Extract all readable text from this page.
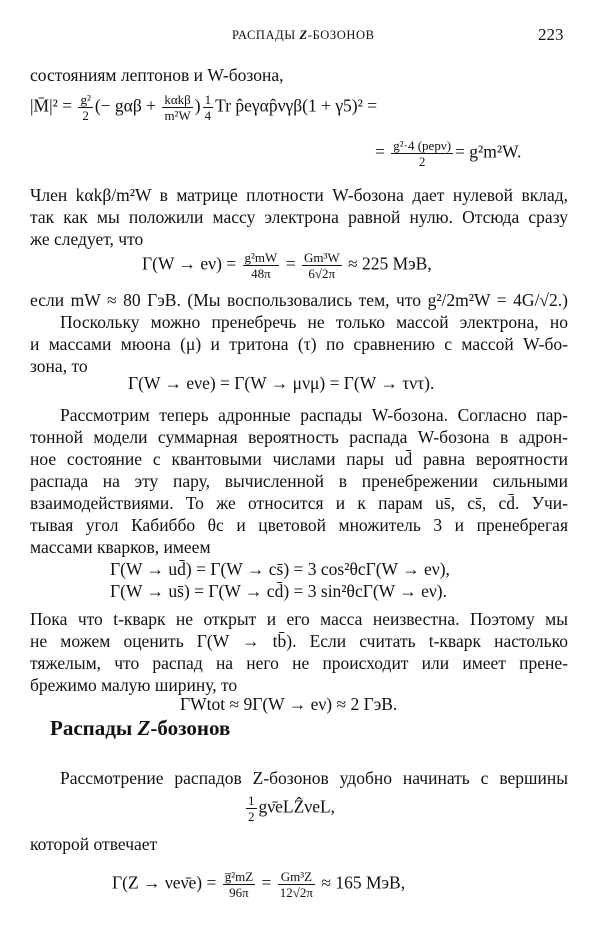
РАСПАДЫ Z-БОЗОНОВ	223
состояниям лептонов и W-бозона,
|M̄|² = $\frac{\text{g²}}{2}$ (− $g\alpha\beta + \frac{\text{kαkβ}}{\text{m²W}}$ ) $\frac{1}{4}$ Tr p̂eγαp̂νγβ(1 + γ5)² =
= $\frac{\text{g²·4 (pepν)}}{2} = g^2m^2W$.
Член kαkβ/m²W в матрице плотности W-бозона дает нулевой вклад,
так как мы положили массу электрона равной нулю. Отсюда сразу
же следует, что
$\Gamma(W \to e\nu) = \frac{\text{g²mW}}{48\pi} = \frac{\text{Gm³W}}{6√2\pi} \approx 225$ МэВ,
если mW ≈ 80 ГэВ. (Мы воспользовались тем, что g²/2m²W = 4G/√2.)
Поскольку можно пренебречь не только массой электрона, но
и массами мюона (μ) и тритона (τ) по сравнению с массой W-бо-
зона, то
Γ(W → eνe) = Γ(W → μνμ) = Γ(W → τντ).
Рассмотрим теперь адронные распады W-бозона. Согласно пар-
тонной модели суммарная вероятность распада W-бозона в адрон-
ное состояние с квантовыми числами пары ud̄ равна вероятности
распада на эту пару, вычисленной в пренебрежении сильными
взаимодействиями. То же относится и к парам us̄, cs̄, cd̄. Учи-
тывая угол Кабиббо θc и цветовой множитель 3 и пренебрегая
массами кварков, имеем
Γ(W → ud̄) = Γ(W → cs̄) = 3 cos²θcΓ(W → eν),
Γ(W → us̄) = Γ(W → cd̄) = 3 sin²θcΓ(W → eν).
Пока что t-кварк не открыт и его масса неизвестна. Поэтому мы
не можем оценить Γ(W → tb̄). Если считать t-кварк настолько
тяжелым, что распад на него не происходит или имеет прене-
брежимо малую ширину, то
ΓWtot ≈ 9Γ(W → eν) ≈ 2 ГэВ.
Распады Z-бозонов
Рассмотрение распадов Z-бозонов удобно начинать с вершины
$\frac{1}{2}$ gν̄eLẐνeL,
которой отвечает
Γ(Z → νeν̄e) = $\frac{\text{g̅²mZ}}{96\pi} = \frac{\text{Gm³Z}}{12√2\pi} \approx 165$ МэВ,
